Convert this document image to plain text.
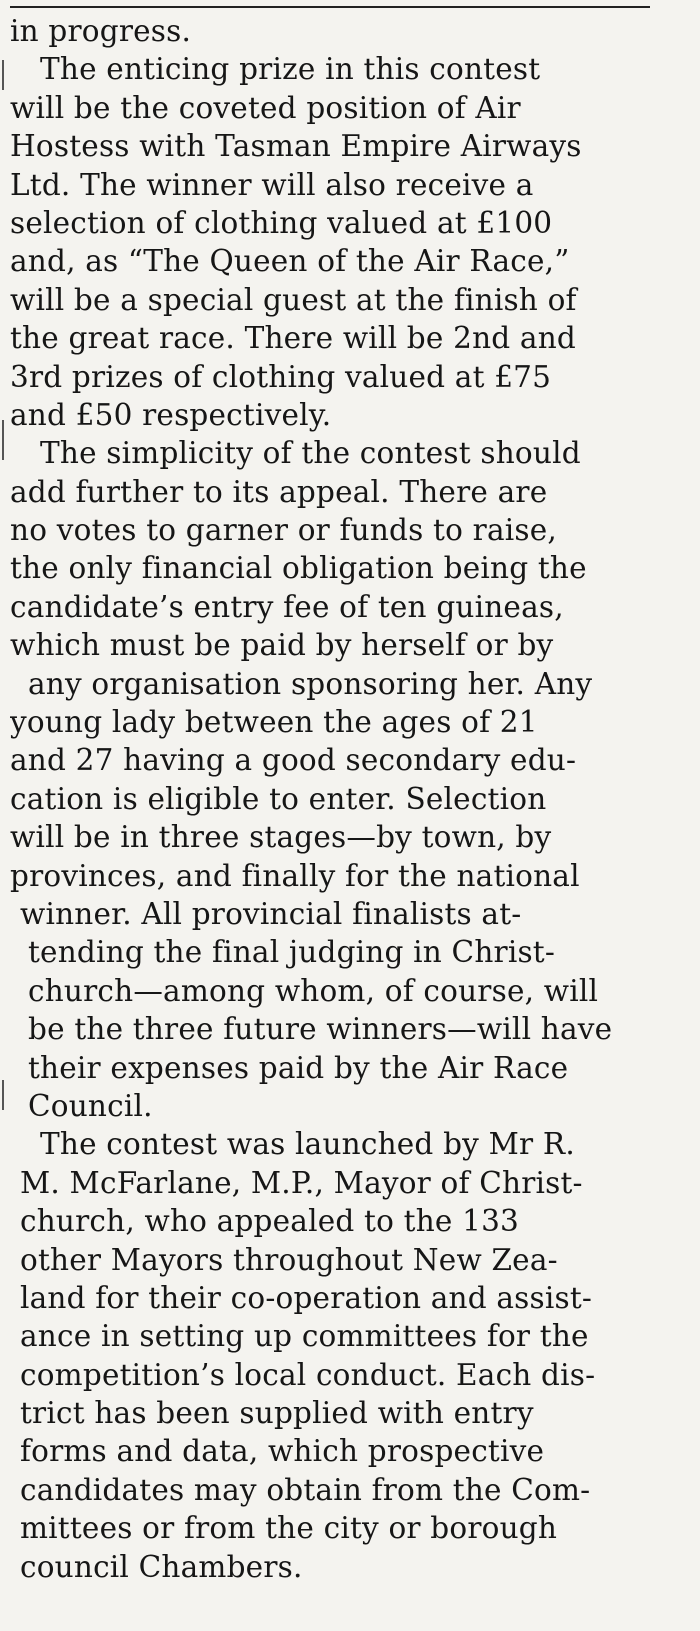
in progress.
The enticing prize in this contest
will be the coveted position of Air
Hostess with Tasman Empire Airways
Ltd. The winner will also receive a
selection of clothing valued at £100
and, as “The Queen of the Air Race,”
will be a special guest at the finish of
the great race. There will be 2nd and
3rd prizes of clothing valued at £75
and £50 respectively.
The simplicity of the contest should
add further to its appeal. There are
no votes to garner or funds to raise,
the only financial obligation being the
candidate’s entry fee of ten guineas,
which must be paid by herself or by
any organisation sponsoring her. Any
young lady between the ages of 21
and 27 having a good secondary edu-
cation is eligible to enter. Selection
will be in three stages—by town, by
provinces, and finally for the national
winner. All provincial finalists at-
tending the final judging in Christ-
church—among whom, of course, will
be the three future winners—will have
their expenses paid by the Air Race
Council.
The contest was launched by Mr R.
M. McFarlane, M.P., Mayor of Christ-
church, who appealed to the 133
other Mayors throughout New Zea-
land for their co-operation and assist-
ance in setting up committees for the
competition’s local conduct. Each dis-
trict has been supplied with entry
forms and data, which prospective
candidates may obtain from the Com-
mittees or from the city or borough
council Chambers.
